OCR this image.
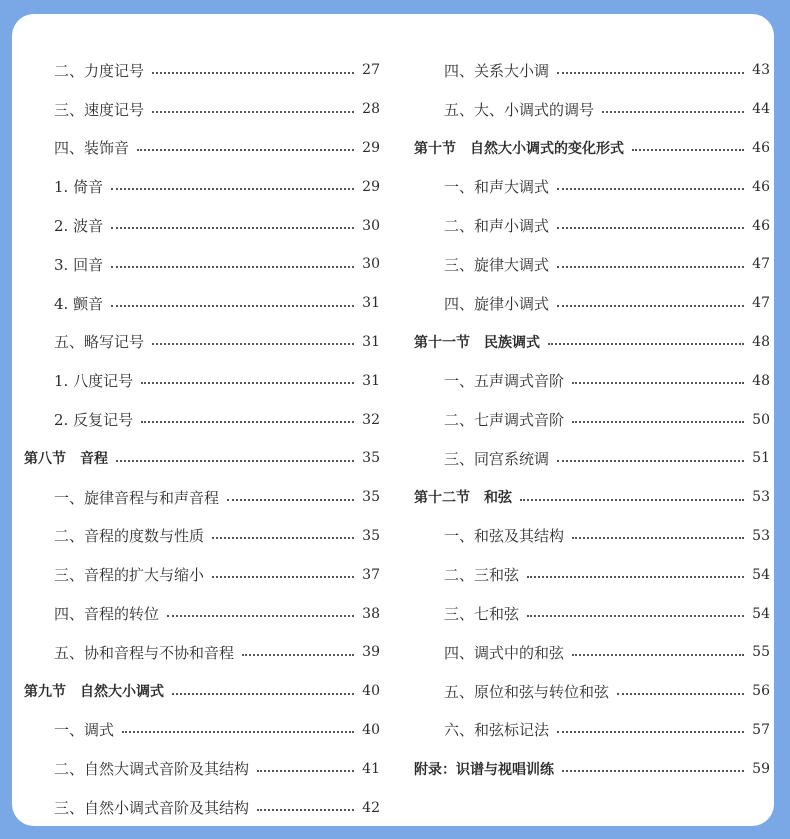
二、力度记号	27
三、速度记号	28
四、装饰音	29
1. 倚音	29
2. 波音	30
3. 回音	30
4. 颤音	31
五、略写记号	31
1. 八度记号	31
2. 反复记号	32
第八节 音程	35
一、旋律音程与和声音程	35
二、音程的度数与性质	35
三、音程的扩大与缩小	37
四、音程的转位	38
五、协和音程与不协和音程	39
第九节 自然大小调式	40
一、调式	40
二、自然大调式音阶及其结构	41
三、自然小调式音阶及其结构	42
四、关系大小调	43
五、大、小调式的调号	44
第十节 自然大小调式的变化形式	46
一、和声大调式	46
二、和声小调式	46
三、旋律大调式	47
四、旋律小调式	47
第十一节 民族调式	48
一、五声调式音阶	48
二、七声调式音阶	50
三、同宫系统调	51
第十二节 和弦	53
一、和弦及其结构	53
二、三和弦	54
三、七和弦	54
四、调式中的和弦	55
五、原位和弦与转位和弦	56
六、和弦标记法	57
附录：识谱与视唱训练	59
